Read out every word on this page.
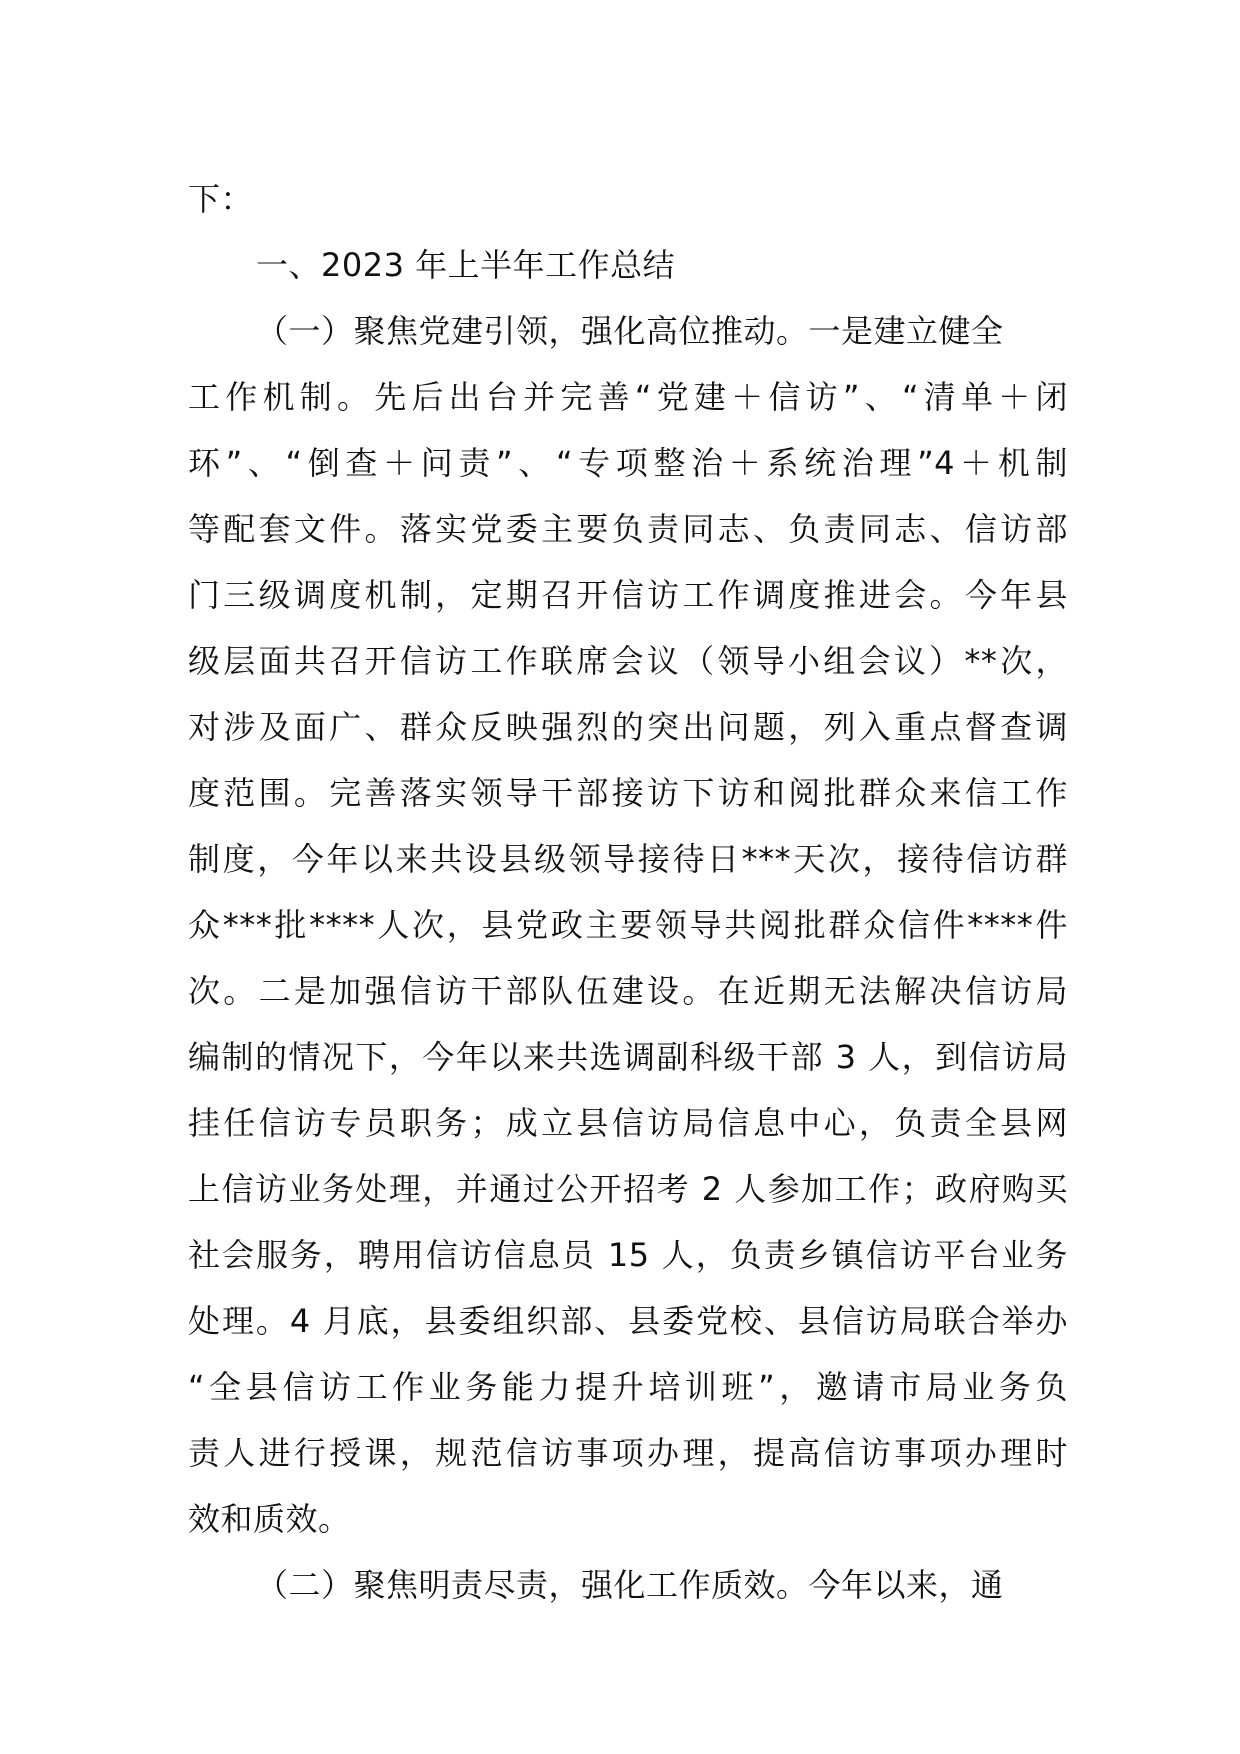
下：
一、2023 年上半年工作总结
（一）聚焦党建引领，强化高位推动。一是建立健全
工作机制。先后出台并完善“党建＋信访”、“清单＋闭
环”、“倒查＋问责”、“专项整治＋系统治理”4＋机制
等配套文件。落实党委主要负责同志、负责同志、信访部
门三级调度机制，定期召开信访工作调度推进会。今年县
级层面共召开信访工作联席会议（领导小组会议）**次，
对涉及面广、群众反映强烈的突出问题，列入重点督查调
度范围。完善落实领导干部接访下访和阅批群众来信工作
制度，今年以来共设县级领导接待日***天次，接待信访群
众***批****人次，县党政主要领导共阅批群众信件****件
次。二是加强信访干部队伍建设。在近期无法解决信访局
编制的情况下，今年以来共选调副科级干部 3 人，到信访局
挂任信访专员职务；成立县信访局信息中心，负责全县网
上信访业务处理，并通过公开招考 2 人参加工作；政府购买
社会服务，聘用信访信息员 15 人，负责乡镇信访平台业务
处理。4 月底，县委组织部、县委党校、县信访局联合举办
“全县信访工作业务能力提升培训班”，邀请市局业务负
责人进行授课，规范信访事项办理，提高信访事项办理时
效和质效。
（二）聚焦明责尽责，强化工作质效。今年以来，通
